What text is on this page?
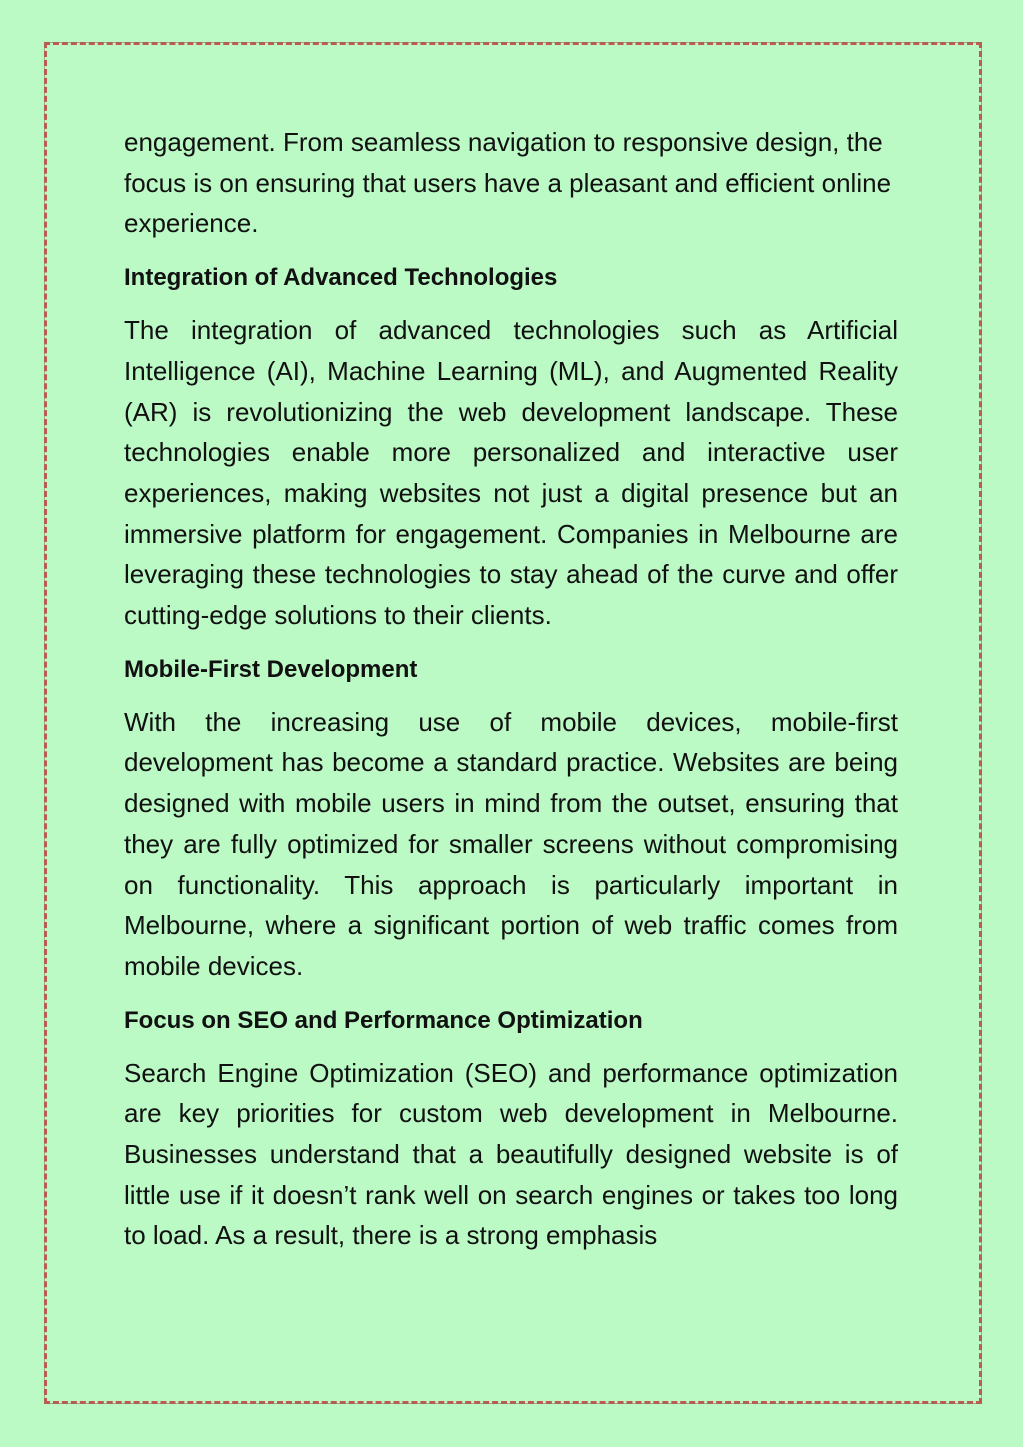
engagement. From seamless navigation to responsive design, the focus is on ensuring that users have a pleasant and efficient online experience.

Integration of Advanced Technologies

The integration of advanced technologies such as Artificial Intelligence (AI), Machine Learning (ML), and Augmented Reality (AR) is revolutionizing the web development landscape. These technologies enable more personalized and interactive user experiences, making websites not just a digital presence but an immersive platform for engagement. Companies in Melbourne are leveraging these technologies to stay ahead of the curve and offer cutting-edge solutions to their clients.

Mobile-First Development

With the increasing use of mobile devices, mobile-first development has become a standard practice. Websites are being designed with mobile users in mind from the outset, ensuring that they are fully optimized for smaller screens without compromising on functionality. This approach is particularly important in Melbourne, where a significant portion of web traffic comes from mobile devices.

Focus on SEO and Performance Optimization

Search Engine Optimization (SEO) and performance optimization are key priorities for custom web development in Melbourne. Businesses understand that a beautifully designed website is of little use if it doesn’t rank well on search engines or takes too long to load. As a result, there is a strong emphasis
